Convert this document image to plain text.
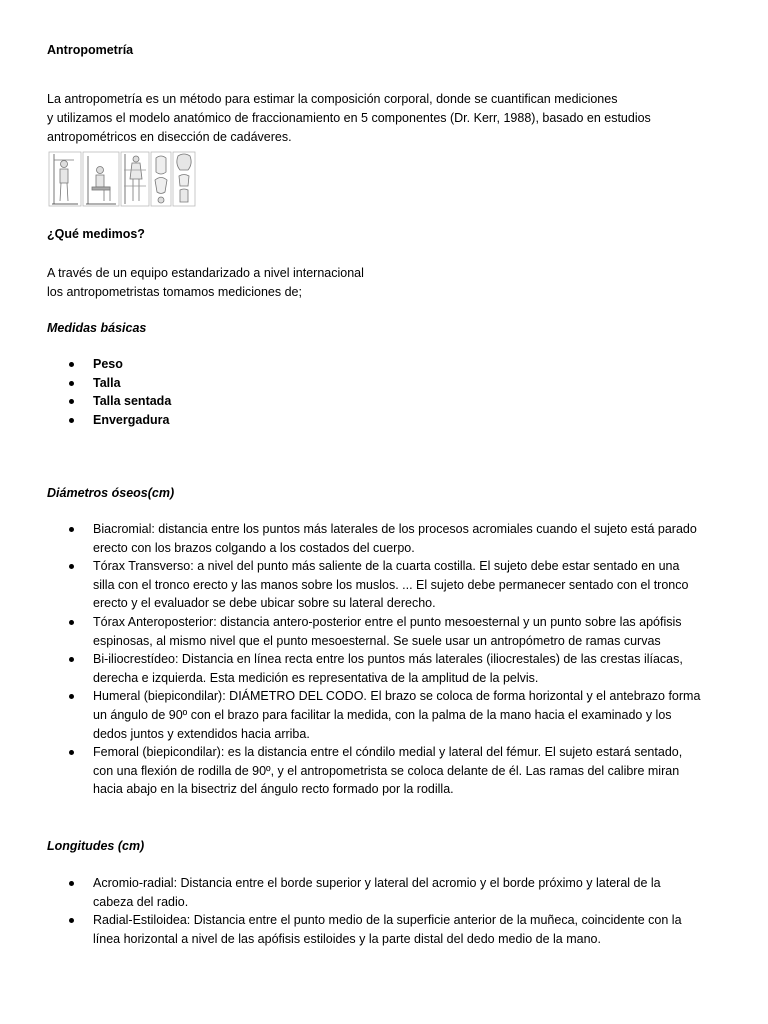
Antropometría
La antropometría es un método para estimar la composición corporal, donde se cuantifican mediciones
y utilizamos el modelo anatómico de fraccionamiento en 5 componentes (Dr. Kerr, 1988), basado en estudios
antropométricos en disección de cadáveres.
¿Qué medimos?
A través de un equipo estandarizado a nivel internacional
los antropometristas tomamos mediciones de;
Medidas básicas
Peso
Talla
Talla sentada
Envergadura
Diámetros óseos(cm)
Biacromial: distancia entre los puntos más laterales de los procesos acromiales cuando el sujeto está parado
erecto con los brazos colgando a los costados del cuerpo.
Tórax Transverso: a nivel del punto más saliente de la cuarta costilla. El sujeto debe estar sentado en una
silla con el tronco erecto y las manos sobre los muslos. ... El sujeto debe permanecer sentado con el tronco
erecto y el evaluador se debe ubicar sobre su lateral derecho.
Tórax Anteroposterior: distancia antero-posterior entre el punto mesoesternal y un punto sobre las apófisis
espinosas, al mismo nivel que el punto mesoesternal. Se suele usar un antropómetro de ramas curvas
Bi-iliocrestídeo: Distancia en línea recta entre los puntos más laterales (iliocrestales) de las crestas ilíacas,
derecha e izquierda. Esta medición es representativa de la amplitud de la pelvis.
Humeral (biepicondilar): DIÁMETRO DEL CODO. El brazo se coloca de forma horizontal y el antebrazo forma
un ángulo de 90º con el brazo para facilitar la medida, con la palma de la mano hacia el examinado y los
dedos juntos y extendidos hacia arriba.
Femoral (biepicondilar): es la distancia entre el cóndilo medial y lateral del fémur. El sujeto estará sentado,
con una flexión de rodilla de 90º, y el antropometrista se coloca delante de él. Las ramas del calibre miran
hacia abajo en la bisectriz del ángulo recto formado por la rodilla.
Longitudes (cm)
Acromio-radial: Distancia entre el borde superior y lateral del acromio y el borde próximo y lateral de la
cabeza del radio.
Radial-Estiloidea: Distancia entre el punto medio de la superficie anterior de la muñeca, coincidente con la
línea horizontal a nivel de las apófisis estiloides y la parte distal del dedo medio de la mano.
